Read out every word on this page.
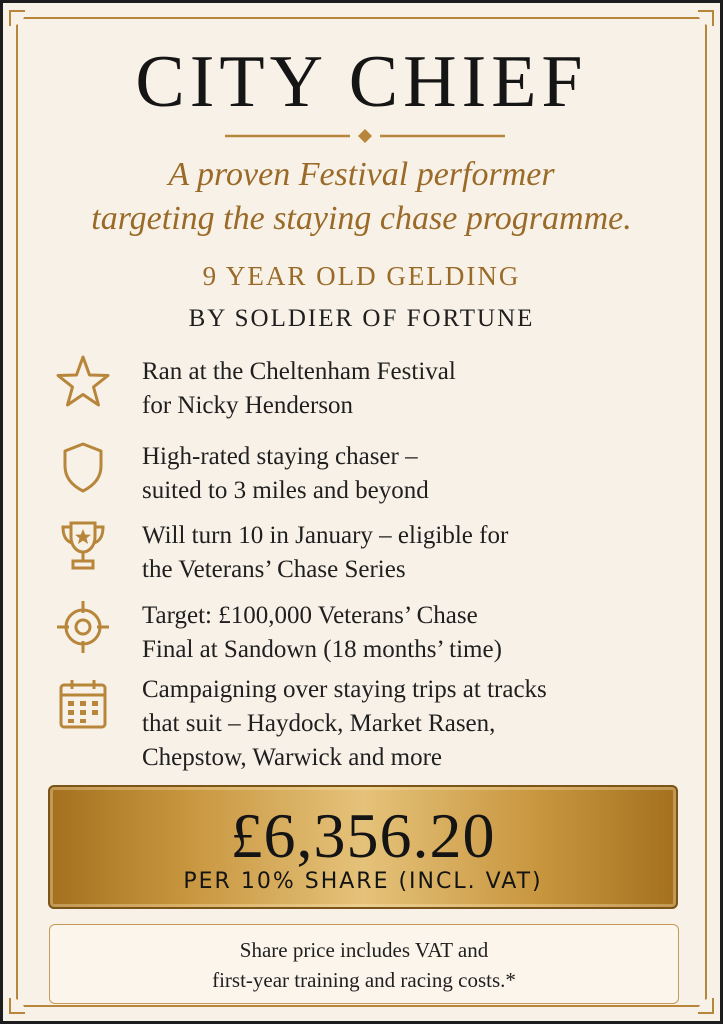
CITY CHIEF
A proven Festival performer
targeting the staying chase programme.
9 YEAR OLD GELDING
BY SOLDIER OF FORTUNE
Ran at the Cheltenham Festival
for Nicky Henderson
High-rated staying chaser –
suited to 3 miles and beyond
Will turn 10 in January – eligible for
the Veterans’ Chase Series
Target: £100,000 Veterans’ Chase
Final at Sandown (18 months’ time)
Campaigning over staying trips at tracks
that suit – Haydock, Market Rasen,
Chepstow, Warwick and more
£6,356.20
PER 10% SHARE (INCL. VAT)
Share price includes VAT and
first-year training and racing costs.*
